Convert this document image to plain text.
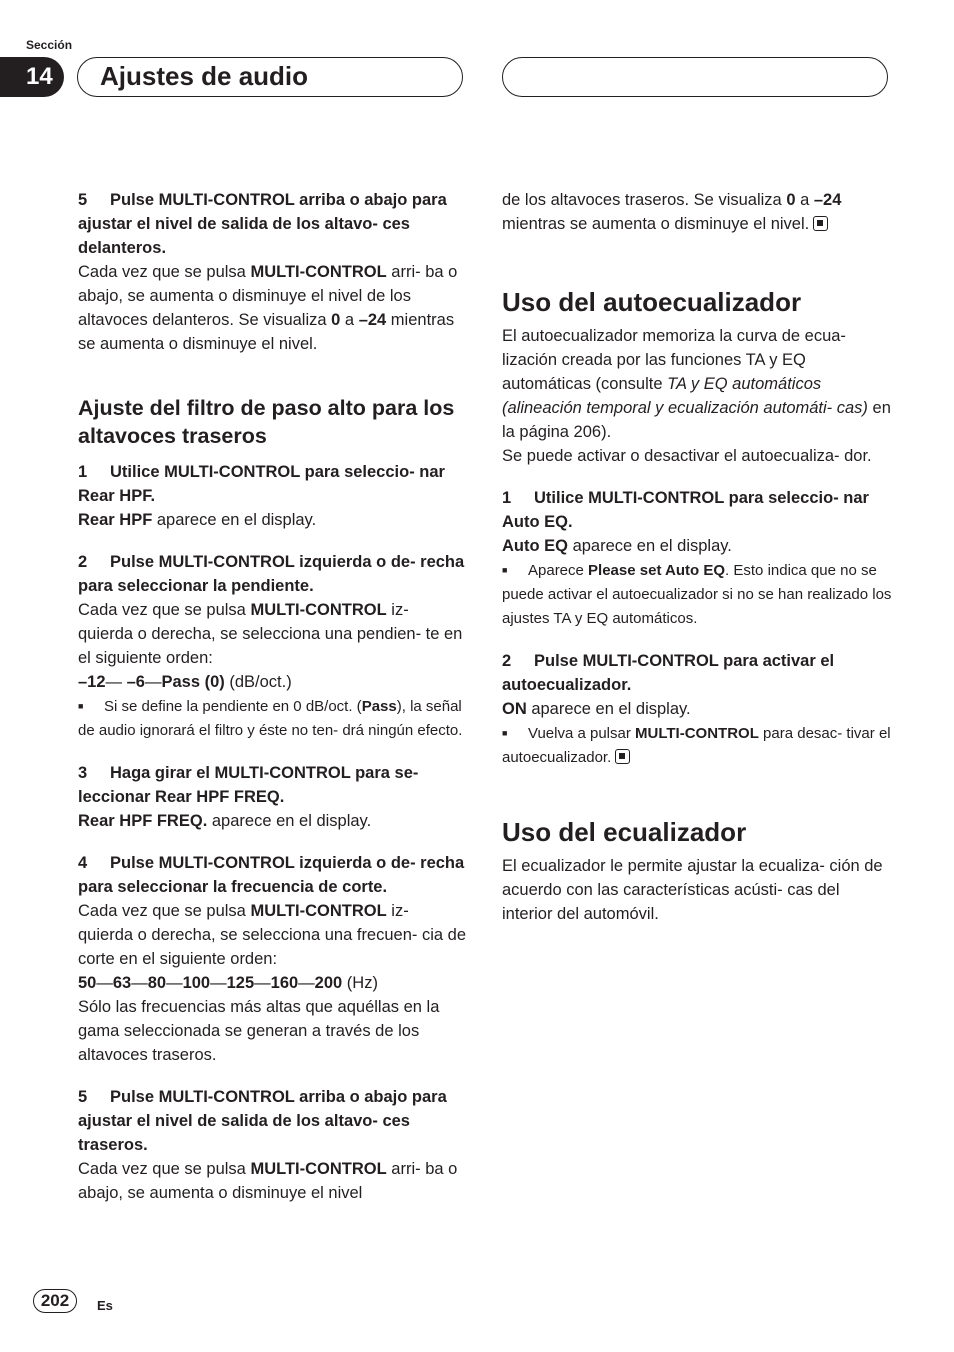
Sección
14	Ajustes de audio

5 Pulse MULTI-CONTROL arriba o abajo para ajustar el nivel de salida de los altavo- ces delanteros.

Cada vez que se pulsa MULTI-CONTROL arri- ba o abajo, se aumenta o disminuye el nivel de los altavoces delanteros. Se visualiza 0 a –24 mientras se aumenta o disminuye el nivel.

Ajuste del filtro de paso alto para los altavoces traseros

1 Utilice MULTI-CONTROL para seleccio- nar Rear HPF.

Rear HPF aparece en el display.

2 Pulse MULTI-CONTROL izquierda o de- recha para seleccionar la pendiente.

Cada vez que se pulsa MULTI-CONTROL iz- quierda o derecha, se selecciona una pendien- te en el siguiente orden:

–12— –6—Pass (0) (dB/oct.)

■ Si se define la pendiente en 0 dB/oct. (Pass), la señal de audio ignorará el filtro y éste no ten- drá ningún efecto.

3 Haga girar el MULTI-CONTROL para se- leccionar Rear HPF FREQ.

Rear HPF FREQ. aparece en el display.

4 Pulse MULTI-CONTROL izquierda o de- recha para seleccionar la frecuencia de corte.

Cada vez que se pulsa MULTI-CONTROL iz- quierda o derecha, se selecciona una frecuen- cia de corte en el siguiente orden:

50—63—80—100—125—160—200 (Hz)

Sólo las frecuencias más altas que aquéllas en la gama seleccionada se generan a través de los altavoces traseros.

5 Pulse MULTI-CONTROL arriba o abajo para ajustar el nivel de salida de los altavo- ces traseros.

Cada vez que se pulsa MULTI-CONTROL arri- ba o abajo, se aumenta o disminuye el nivel

de los altavoces traseros. Se visualiza 0 a –24 mientras se aumenta o disminuye el nivel.

Uso del autoecualizador

El autoecualizador memoriza la curva de ecua- lización creada por las funciones TA y EQ automáticas (consulte TA y EQ automáticos (alineación temporal y ecualización automáti- cas) en la página 206).

Se puede activar o desactivar el autoecualiza- dor.

1 Utilice MULTI-CONTROL para seleccio- nar Auto EQ.

Auto EQ aparece en el display.

■ Aparece Please set Auto EQ. Esto indica que no se puede activar el autoecualizador si no se han realizado los ajustes TA y EQ automáticos.

2 Pulse MULTI-CONTROL para activar el autoecualizador.

ON aparece en el display.

■ Vuelva a pulsar MULTI-CONTROL para desac- tivar el autoecualizador.

Uso del ecualizador

El ecualizador le permite ajustar la ecualiza- ción de acuerdo con las características acústi- cas del interior del automóvil.

202	Es
